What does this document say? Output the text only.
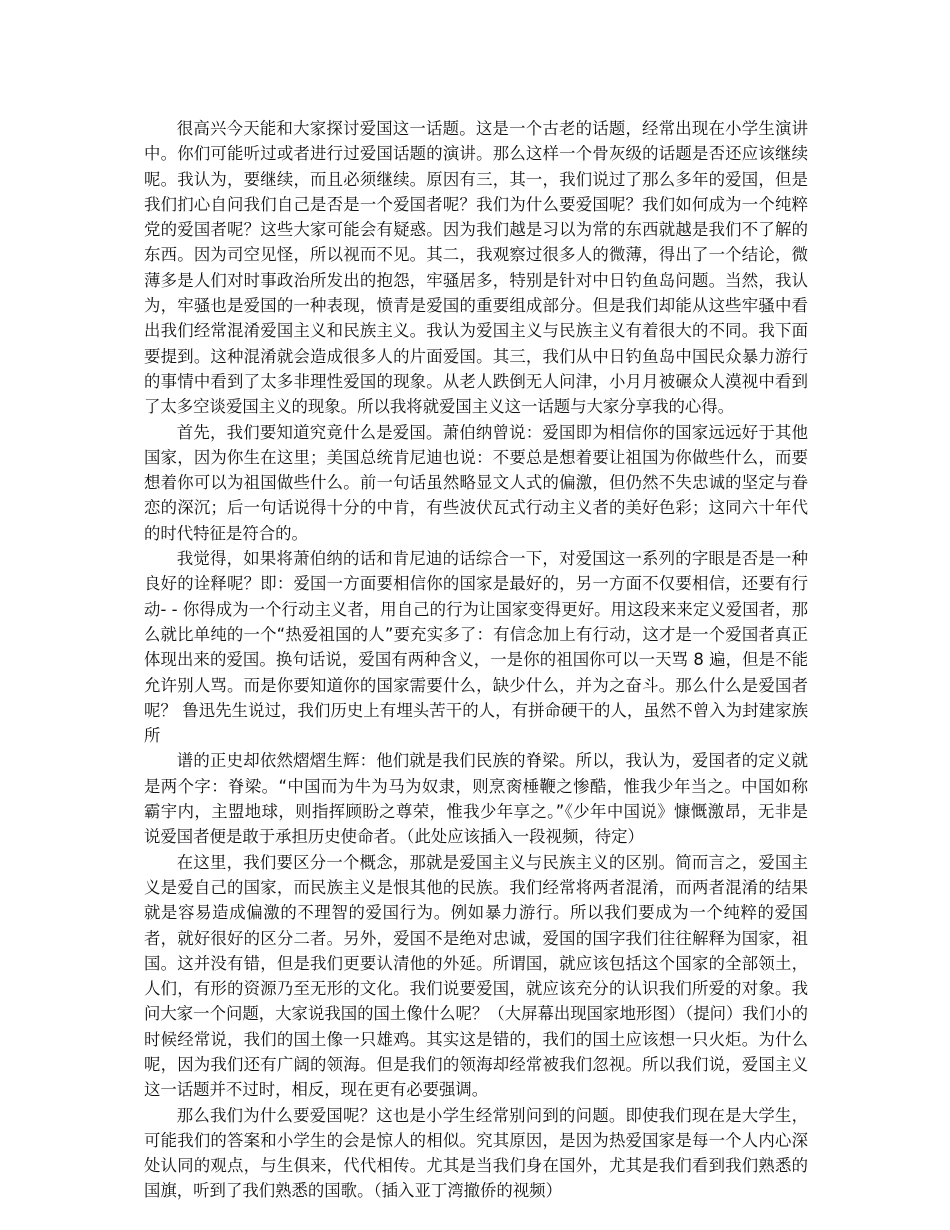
很高兴今天能和大家探讨爱国这一话题。这是一个古老的话题，经常出现在小学生演讲中。你们可能听过或者进行过爱国话题的演讲。那么这样一个骨灰级的话题是否还应该继续呢。我认为，要继续，而且必须继续。原因有三，其一，我们说过了那么多年的爱国，但是我们扪心自问我们自己是否是一个爱国者呢？我们为什么要爱国呢？我们如何成为一个纯粹党的爱国者呢？这些大家可能会有疑惑。因为我们越是习以为常的东西就越是我们不了解的东西。因为司空见怪，所以视而不见。其二，我观察过很多人的微薄，得出了一个结论，微薄多是人们对时事政治所发出的抱怨，牢骚居多，特别是针对中日钓鱼岛问题。当然，我认为，牢骚也是爱国的一种表现，愤青是爱国的重要组成部分。但是我们却能从这些牢骚中看出我们经常混淆爱国主义和民族主义。我认为爱国主义与民族主义有着很大的不同。我下面要提到。这种混淆就会造成很多人的片面爱国。其三，我们从中日钓鱼岛中国民众暴力游行的事情中看到了太多非理性爱国的现象。从老人跌倒无人问津，小月月被碾众人漠视中看到了太多空谈爱国主义的现象。所以我将就爱国主义这一话题与大家分享我的心得。

首先，我们要知道究竟什么是爱国。萧伯纳曾说：爱国即为相信你的国家远远好于其他国家，因为你生在这里；美国总统肯尼迪也说：不要总是想着要让祖国为你做些什么，而要想着你可以为祖国做些什么。前一句话虽然略显文人式的偏激，但仍然不失忠诚的坚定与眷恋的深沉；后一句话说得十分的中肯，有些波伏瓦式行动主义者的美好色彩；这同六十年代的时代特征是符合的。

我觉得，如果将萧伯纳的话和肯尼迪的话综合一下，对爱国这一系列的字眼是否是一种良好的诠释呢？即：爱国一方面要相信你的国家是最好的，另一方面不仅要相信，还要有行动- - 你得成为一个行动主义者，用自己的行为让国家变得更好。用这段来来定义爱国者，那么就比单纯的一个“热爱祖国的人”要充实多了：有信念加上有行动，这才是一个爱国者真正体现出来的爱国。换句话说，爱国有两种含义，一是你的祖国你可以一天骂 8 遍，但是不能允许别人骂。而是你要知道你的国家需要什么，缺少什么，并为之奋斗。那么什么是爱国者呢？ 鲁迅先生说过，我们历史上有埋头苦干的人，有拼命硬干的人，虽然不曾入为封建家族所

谱的正史却依然熠熠生辉：他们就是我们民族的脊梁。所以，我认为，爱国者的定义就是两个字：脊梁。“中国而为牛为马为奴隶，则烹脔棰鞭之惨酷，惟我少年当之。中国如称霸宇内，主盟地球，则指挥顾盼之尊荣，惟我少年享之。”《少年中国说》慷慨激昂，无非是说爱国者便是敢于承担历史使命者。（此处应该插入一段视频，待定）

在这里，我们要区分一个概念，那就是爱国主义与民族主义的区别。简而言之，爱国主义是爱自己的国家，而民族主义是恨其他的民族。我们经常将两者混淆，而两者混淆的结果就是容易造成偏激的不理智的爱国行为。例如暴力游行。所以我们要成为一个纯粹的爱国者，就好很好的区分二者。另外，爱国不是绝对忠诚，爱国的国字我们往往解释为国家，祖国。这并没有错，但是我们更要认清他的外延。所谓国，就应该包括这个国家的全部领土，人们，有形的资源乃至无形的文化。我们说要爱国，就应该充分的认识我们所爱的对象。我问大家一个问题，大家说我国的国土像什么呢？（大屏幕出现国家地形图）（提问）我们小的时候经常说，我们的国土像一只雄鸡。其实这是错的，我们的国土应该想一只火炬。为什么呢，因为我们还有广阔的领海。但是我们的领海却经常被我们忽视。所以我们说，爱国主义这一话题并不过时，相反，现在更有必要强调。

那么我们为什么要爱国呢？这也是小学生经常别问到的问题。即使我们现在是大学生，可能我们的答案和小学生的会是惊人的相似。究其原因，是因为热爱国家是每一个人内心深处认同的观点，与生俱来，代代相传。尤其是当我们身在国外，尤其是我们看到我们熟悉的国旗，听到了我们熟悉的国歌。（插入亚丁湾撤侨的视频）
